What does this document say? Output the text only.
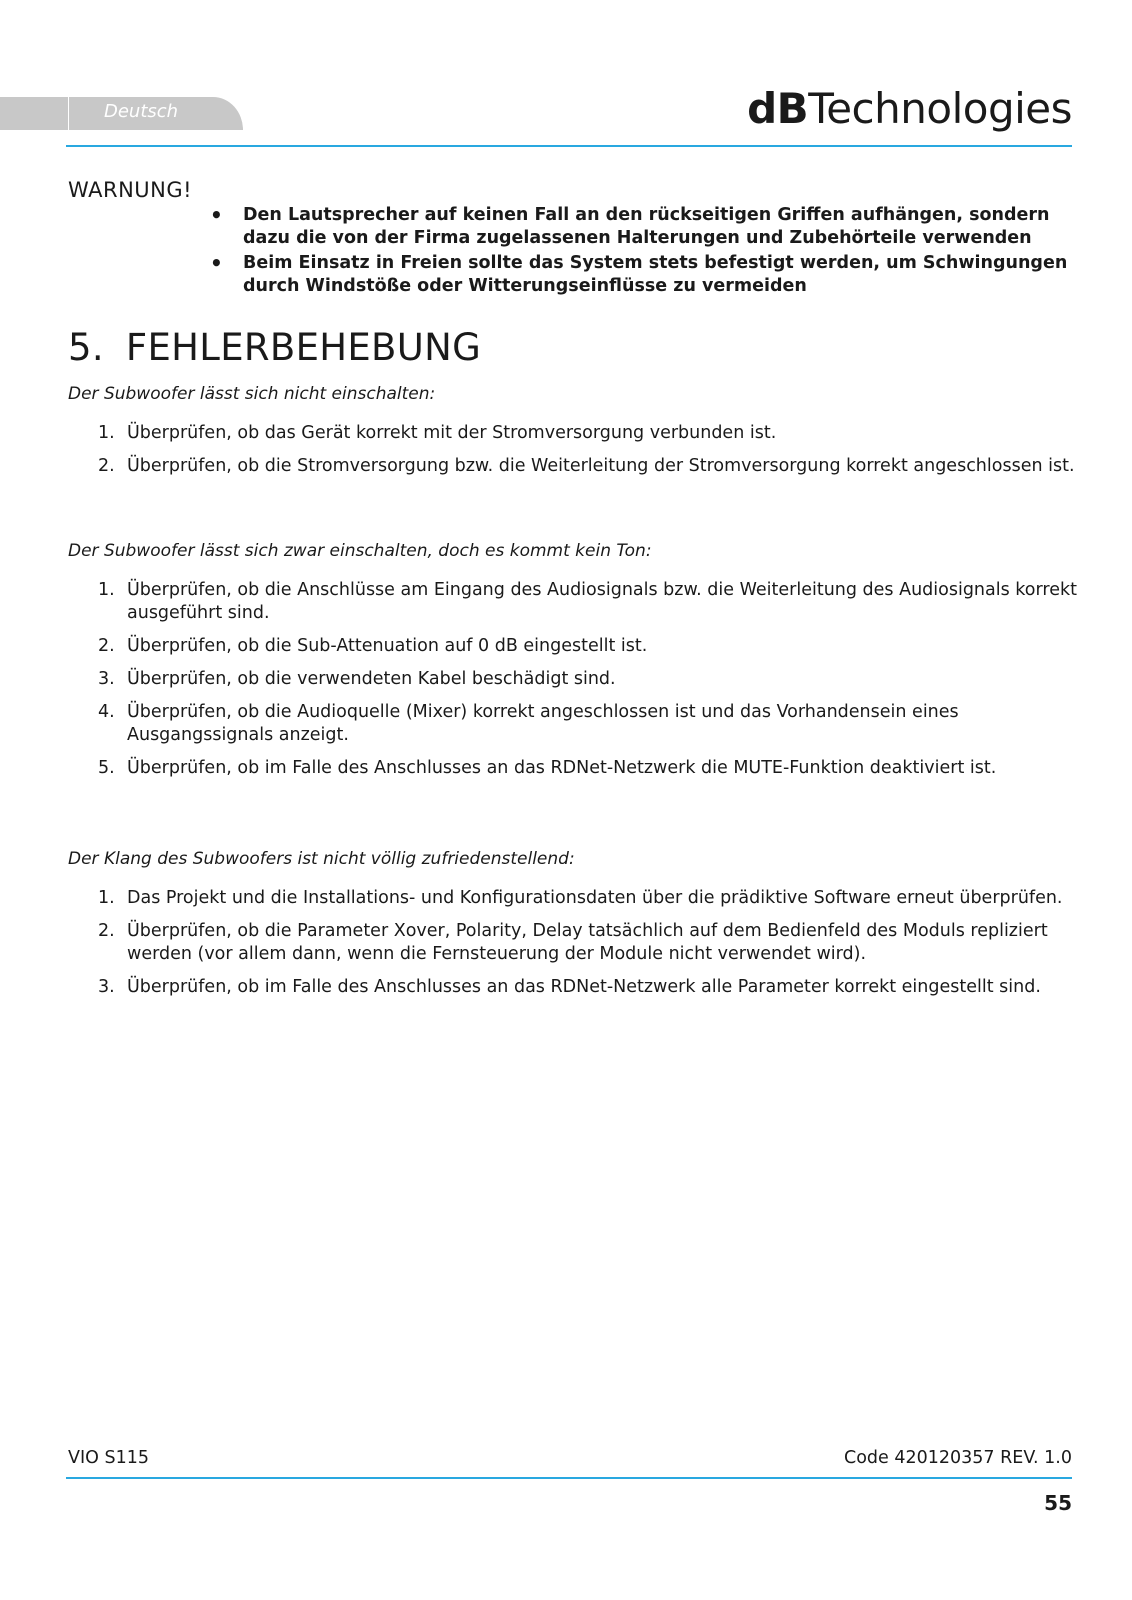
Deutsch	dBTechnologies
WARNUNG!
• Den Lautsprecher auf keinen Fall an den rückseitigen Griffen aufhängen, sondern dazu die von der Firma zugelassenen Halterungen und Zubehörteile verwenden
• Beim Einsatz in Freien sollte das System stets befestigt werden, um Schwingungen durch Windstöße oder Witterungseinflüsse zu vermeiden
5. FEHLERBEHEBUNG
Der Subwoofer lässt sich nicht einschalten:
1. Überprüfen, ob das Gerät korrekt mit der Stromversorgung verbunden ist.
2. Überprüfen, ob die Stromversorgung bzw. die Weiterleitung der Stromversorgung korrekt angeschlossen ist.
Der Subwoofer lässt sich zwar einschalten, doch es kommt kein Ton:
1. Überprüfen, ob die Anschlüsse am Eingang des Audiosignals bzw. die Weiterleitung des Audiosignals korrekt ausgeführt sind.
2. Überprüfen, ob die Sub-Attenuation auf 0 dB eingestellt ist.
3. Überprüfen, ob die verwendeten Kabel beschädigt sind.
4. Überprüfen, ob die Audioquelle (Mixer) korrekt angeschlossen ist und das Vorhandensein eines Ausgangssignals anzeigt.
5. Überprüfen, ob im Falle des Anschlusses an das RDNet-Netzwerk die MUTE-Funktion deaktiviert ist.
Der Klang des Subwoofers ist nicht völlig zufriedenstellend:
1. Das Projekt und die Installations- und Konfigurationsdaten über die prädiktive Software erneut überprüfen.
2. Überprüfen, ob die Parameter Xover, Polarity, Delay tatsächlich auf dem Bedienfeld des Moduls repliziert werden (vor allem dann, wenn die Fernsteuerung der Module nicht verwendet wird).
3. Überprüfen, ob im Falle des Anschlusses an das RDNet-Netzwerk alle Parameter korrekt eingestellt sind.
VIO S115	Code 420120357 REV. 1.0
55
